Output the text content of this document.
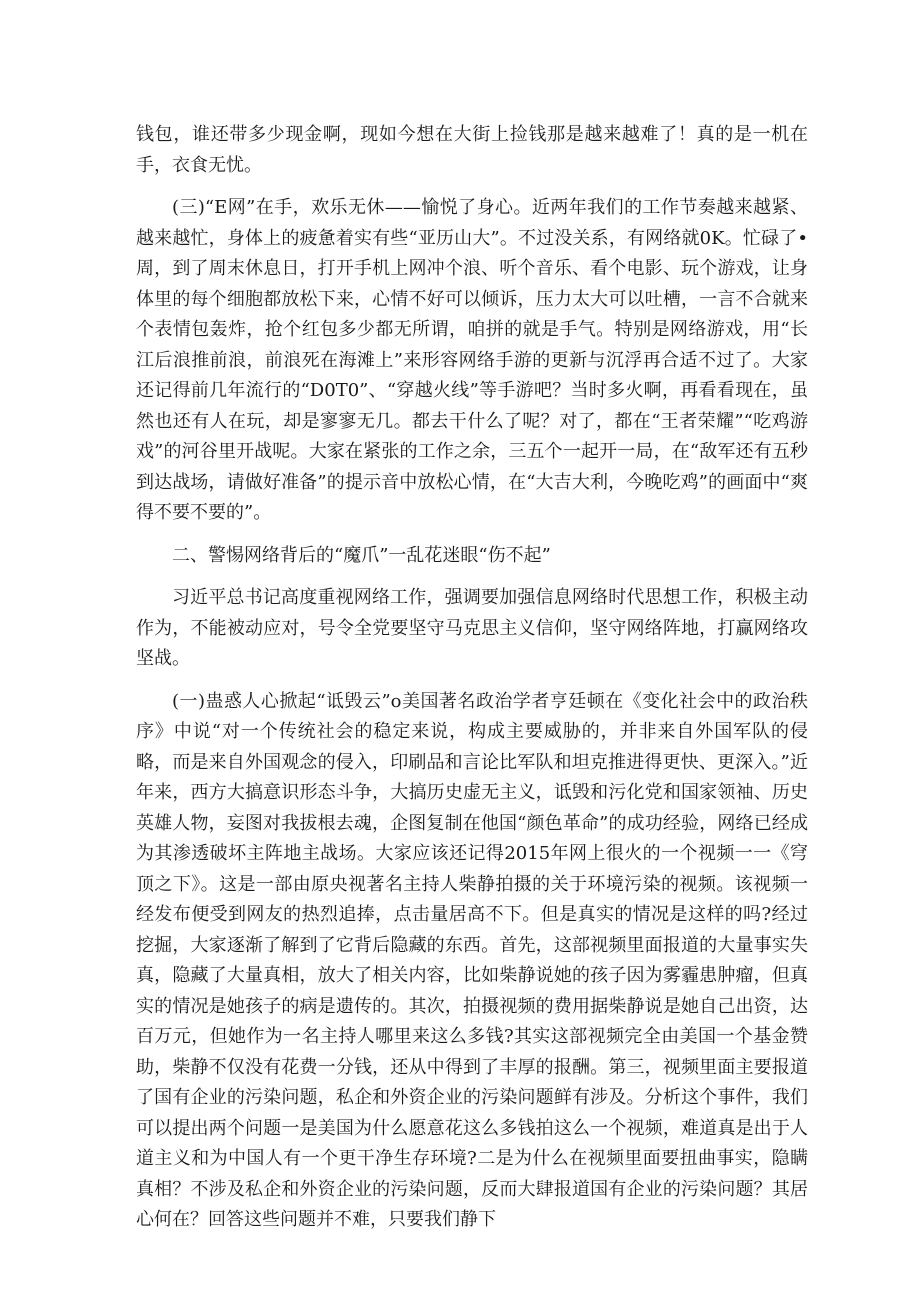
钱包，谁还带多少现金啊，现如今想在大街上捡钱那是越来越难了！真的是一机在手，衣食无忧。

(三)“E网”在手，欢乐无休——愉悦了身心。近两年我们的工作节奏越来越紧、越来越忙，身体上的疲惫着实有些“亚历山大”。不过没关系，有网络就0K。忙碌了•周，到了周末休息日，打开手机上网冲个浪、听个音乐、看个电影、玩个游戏，让身体里的每个细胞都放松下来，心情不好可以倾诉，压力太大可以吐槽，一言不合就来个表情包轰炸，抢个红包多少都无所谓，咱拼的就是手气。特别是网络游戏，用“长江后浪推前浪，前浪死在海滩上”来形容网络手游的更新与沉浮再合适不过了。大家还记得前几年流行的“D0T0”、“穿越火线”等手游吧？当时多火啊，再看看现在，虽然也还有人在玩，却是寥寥无几。都去干什么了呢？对了，都在“王者荣耀”“吃鸡游戏”的河谷里开战呢。大家在紧张的工作之余，三五个一起开一局，在“敌军还有五秒到达战场，请做好准备”的提示音中放松心情，在“大吉大利，今晚吃鸡”的画面中“爽得不要不要的”。

二、警惕网络背后的“魔爪”一乱花迷眼“伤不起”

习近平总书记高度重视网络工作，强调要加强信息网络时代思想工作，积极主动作为，不能被动应对，号令全党要坚守马克思主义信仰，坚守网络阵地，打赢网络攻坚战。

(一)蛊惑人心掀起“诋毁云”o美国著名政治学者亨廷顿在《变化社会中的政治秩序》中说“对一个传统社会的稳定来说，构成主要威胁的，并非来自外国军队的侵略，而是来自外国观念的侵入，印刷品和言论比军队和坦克推进得更快、更深入。”近年来，西方大搞意识形态斗争，大搞历史虚无主义，诋毁和污化党和国家领袖、历史英雄人物，妄图对我拔根去魂，企图复制在他国“颜色革命”的成功经验，网络已经成为其渗透破坏主阵地主战场。大家应该还记得2015年网上很火的一个视频一一《穹顶之下》。这是一部由原央视著名主持人柴静拍摄的关于环境污染的视频。该视频一经发布便受到网友的热烈追捧，点击量居高不下。但是真实的情况是这样的吗?经过挖掘，大家逐渐了解到了它背后隐藏的东西。首先，这部视频里面报道的大量事实失真，隐藏了大量真相，放大了相关内容，比如柴静说她的孩子因为雾霾患肿瘤，但真实的情况是她孩子的病是遗传的。其次，拍摄视频的费用据柴静说是她自己出资，达百万元，但她作为一名主持人哪里来这么多钱?其实这部视频完全由美国一个基金赞助，柴静不仅没有花费一分钱，还从中得到了丰厚的报酬。第三，视频里面主要报道了国有企业的污染问题，私企和外资企业的污染问题鲜有涉及。分析这个事件，我们可以提出两个问题一是美国为什么愿意花这么多钱拍这么一个视频，难道真是出于人道主义和为中国人有一个更干净生存环境?二是为什么在视频里面要扭曲事实，隐瞒真相？不涉及私企和外资企业的污染问题，反而大肆报道国有企业的污染问题？其居心何在？回答这些问题并不难，只要我们静下
